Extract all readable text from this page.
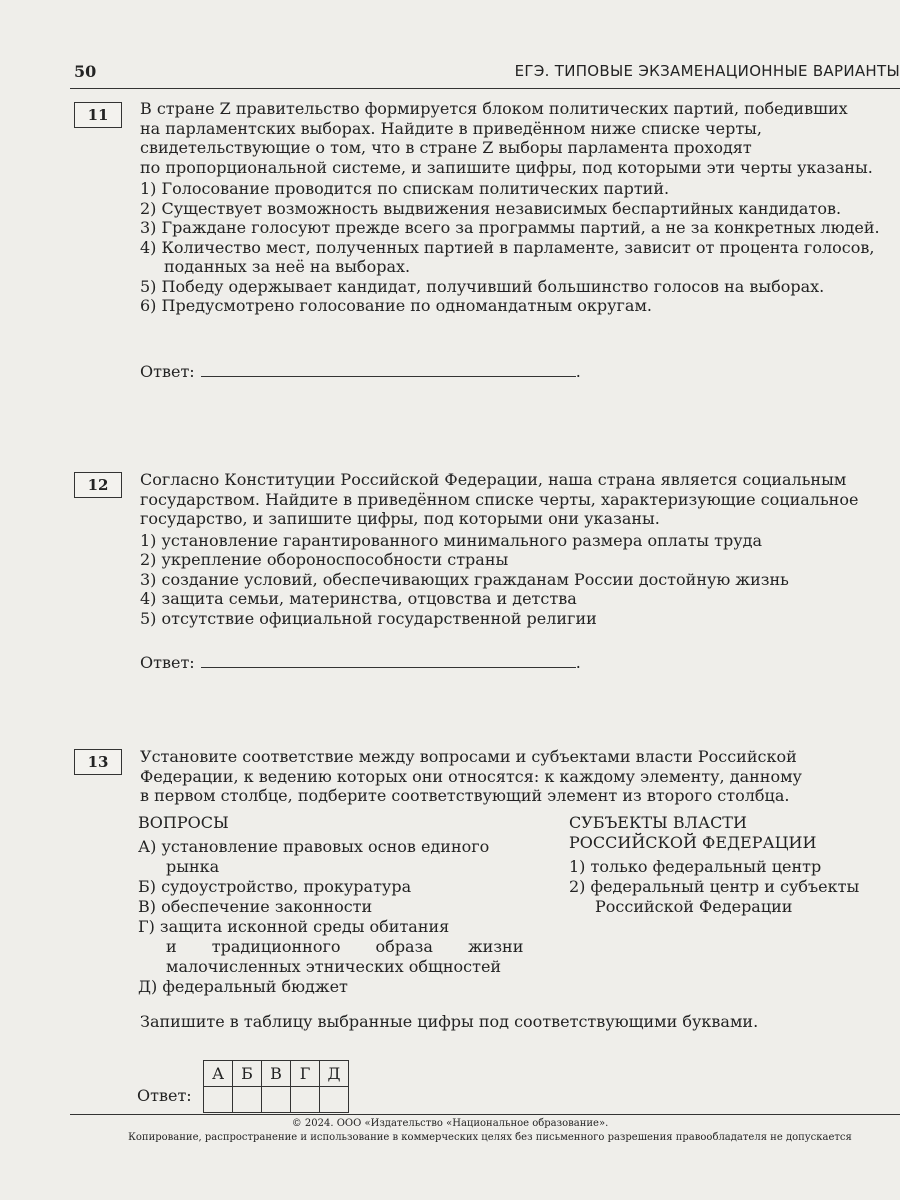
50	ЕГЭ. ТИПОВЫЕ ЭКЗАМЕНАЦИОННЫЕ ВАРИАНТЫ
11	В стране Z правительство формируется блоком политических партий, победивших

на парламентских выборах. Найдите в приведённом ниже списке черты,

свидетельствующие о том, что в стране Z выборы парламента проходят

по пропорциональной системе, и запишите цифры, под которыми эти черты указаны.

1) Голосование проводится по спискам политических партий.

2) Существует возможность выдвижения независимых беспартийных кандидатов.

3) Граждане голосуют прежде всего за программы партий, а не за конкретных людей.

4) Количество мест, полученных партией в парламенте, зависит от процента голосов, поданных за неё на выборах.

5) Победу одержывает кандидат, получивший большинство голосов на выборах.

6) Предусмотрено голосование по одномандатным округам.

Ответ:	.
12	Согласно Конституции Российской Федерации, наша страна является социальным

государством. Найдите в приведённом списке черты, характеризующие социальное

государство, и запишите цифры, под которыми они указаны.

1) установление гарантированного минимального размера оплаты труда

2) укрепление обороноспособности страны

3) создание условий, обеспечивающих гражданам России достойную жизнь

4) защита семьи, материнства, отцовства и детства

5) отсутствие официальной государственной религии

Ответ:	.
13	Установите соответствие между вопросами и субъектами власти Российской

Федерации, к ведению которых они относятся: к каждому элементу, данному

в первом столбце, подберите соответствующий элемент из второго столбца.

ВОПРОСЫ

А) установление правовых основ единого

рынка

Б) судоустройство, прокуратура

В) обеспечение законности

Г) защита исконной среды обитания

и традиционного образа жизни

малочисленных этнических общностей

Д) федеральный бюджет

СУБЪЕКТЫ ВЛАСТИ

РОССИЙСКОЙ ФЕДЕРАЦИИ

1) только федеральный центр

2) федеральный центр и субъекты

Российской Федерации

Запишите в таблицу выбранные цифры под соответствующими буквами.
Ответ:
А	Б	В	Г	Д

© 2024. ООО «Издательство «Национальное образование».
Копирование, распространение и использование в коммерческих целях без письменного разрешения правообладателя не допускается
